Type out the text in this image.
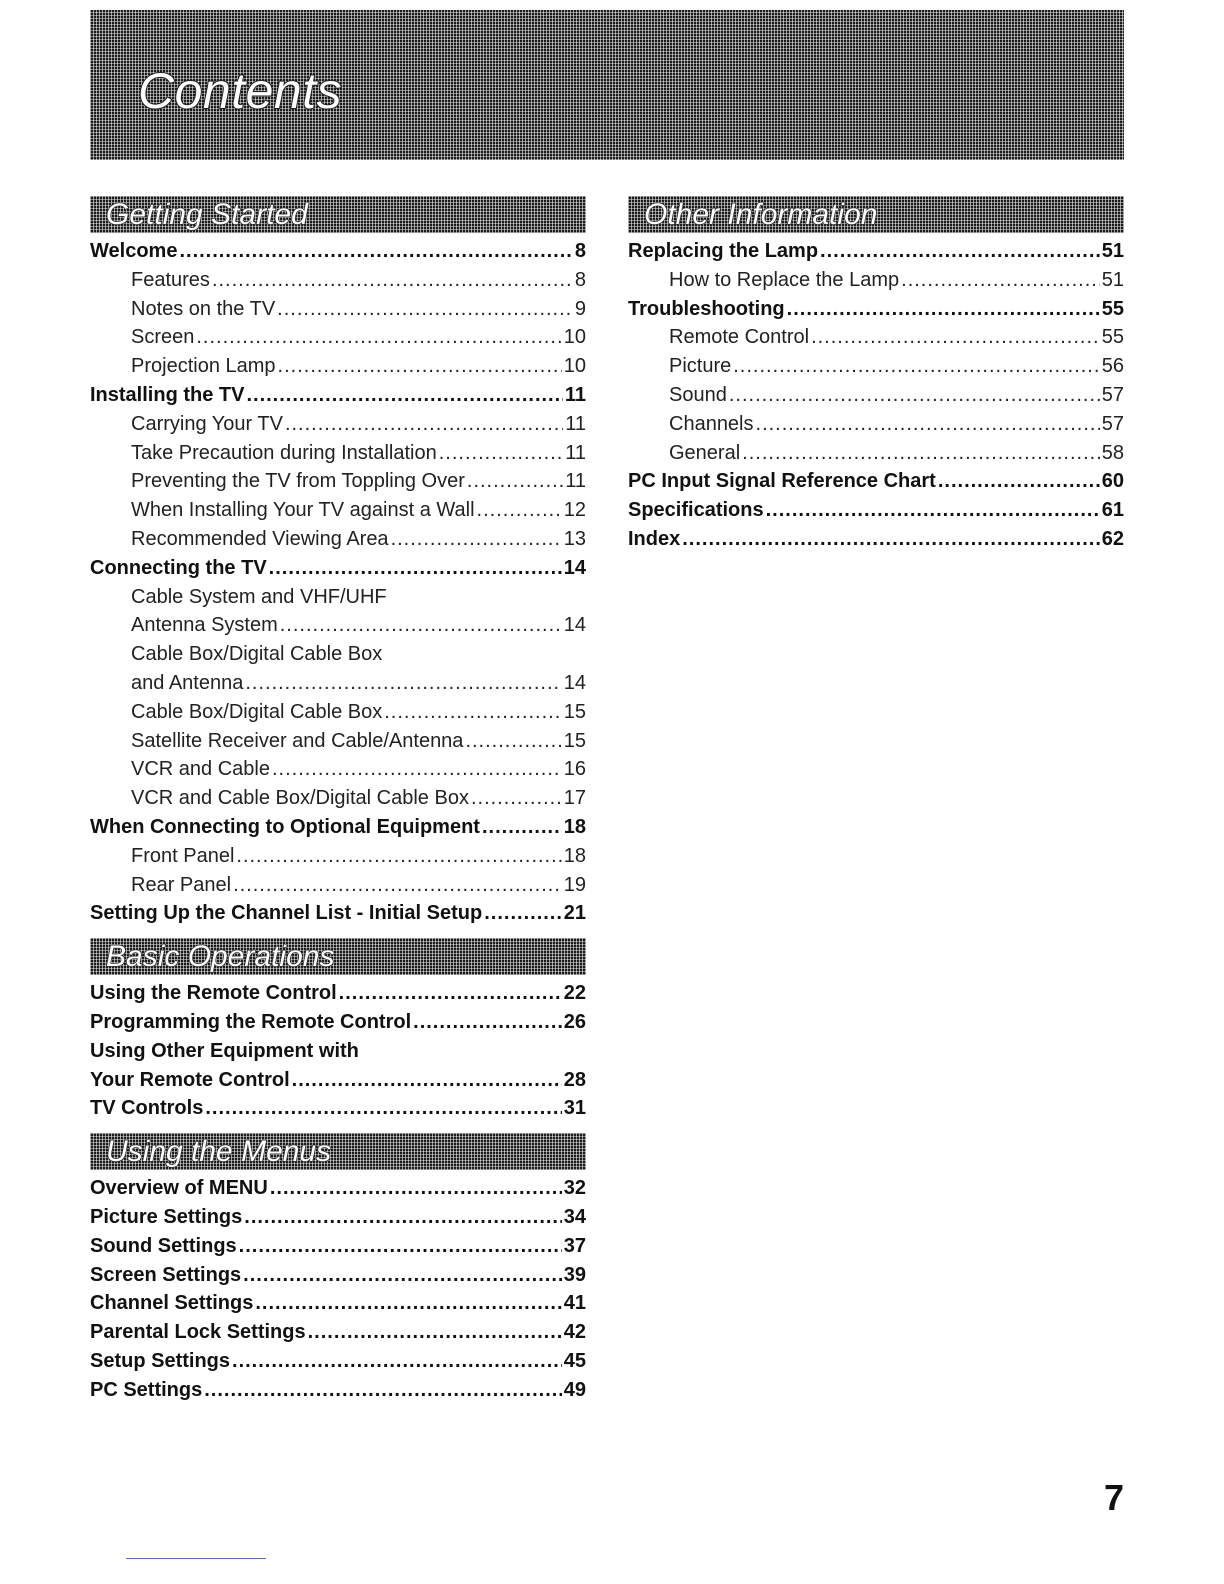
Contents
Getting Started
Welcome .....	8
Features .....	8
Notes on the TV .....	9
Screen .....	10
Projection Lamp .....	10
Installing the TV .....	11
Carrying Your TV .....	11
Take Precaution during Installation .....	11
Preventing the TV from Toppling Over .....	11
When Installing Your TV against a Wall .....	12
Recommended Viewing Area .....	13
Connecting the TV .....	14
Cable System and VHF/UHF
Antenna System .....	14
Cable Box/Digital Cable Box
and Antenna .....	14
Cable Box/Digital Cable Box .....	15
Satellite Receiver and Cable/Antenna .....	15
VCR and Cable .....	16
VCR and Cable Box/Digital Cable Box .....	17
When Connecting to Optional Equipment .....	18
Front Panel .....	18
Rear Panel .....	19
Setting Up the Channel List - Initial Setup .....	21
Basic Operations
Using the Remote Control .....	22
Programming the Remote Control .....	26
Using Other Equipment with
Your Remote Control .....	28
TV Controls .....	31
Using the Menus
Overview of MENU .....	32
Picture Settings .....	34
Sound Settings .....	37
Screen Settings .....	39
Channel Settings .....	41
Parental Lock Settings .....	42
Setup Settings .....	45
PC Settings .....	49
Other Information
Replacing the Lamp .....	51
How to Replace the Lamp .....	51
Troubleshooting .....	55
Remote Control .....	55
Picture .....	56
Sound .....	57
Channels .....	57
General .....	58
PC Input Signal Reference Chart .....	60
Specifications .....	61
Index .....	62
7
